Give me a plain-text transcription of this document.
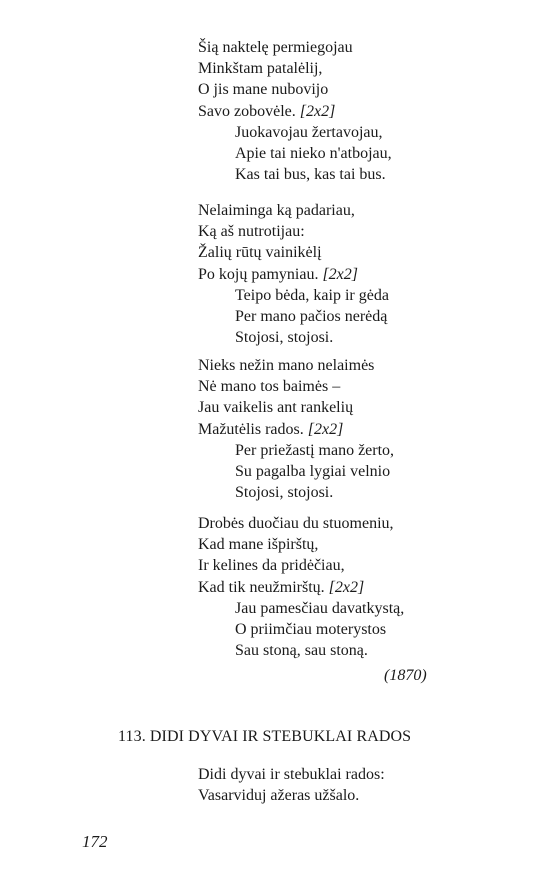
Šią naktelę permiegojau
Minkštam patalėlij,
O jis mane nubovijo
Savo zobovėle. [2x2]
Juokavojau žertavojau,
Apie tai nieko n'atbojau,
Kas tai bus, kas tai bus.
Nelaiminga ką padariau,
Ką aš nutrotijau:
Žalių rūtų vainikėlį
Po kojų pamyniau. [2x2]
Teipo bėda, kaip ir gėda
Per mano pačios nerėdą
Stojosi, stojosi.
Nieks nežin mano nelaimės
Nė mano tos baimės –
Jau vaikelis ant rankelių
Mažutėlis rados. [2x2]
Per priežastį mano žerto,
Su pagalba lygiai velnio
Stojosi, stojosi.
Drobės duočiau du stuomeniu,
Kad mane išpirštų,
Ir kelines da pridėčiau,
Kad tik neužmirštų. [2x2]
Jau pamesčiau davatkystą,
O priimčiau moterystos
Sau stoną, sau stoną.
(1870)
113. DIDI DYVAI IR STEBUKLAI RADOS
Didi dyvai ir stebuklai rados:
Vasarviduj ažeras užšalo.
172
